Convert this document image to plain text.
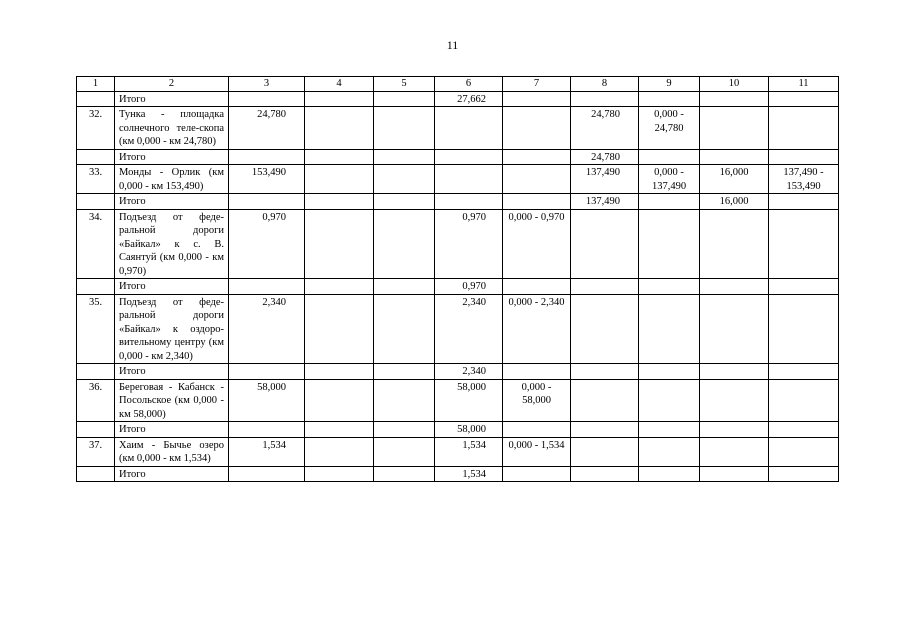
11
1	2	3	4	5	6	7	8	9	10	11
	Итого				27,662					
32.	Тунка - площадка солнечного теле-скопа (км 0,000 - км 24,780)	24,780					24,780	0,000 - 24,780		
	Итого						24,780			
33.	Монды - Орлик (км 0,000 - км 153,490)	153,490					137,490	0,000 - 137,490	16,000	137,490 - 153,490
	Итого						137,490		16,000	
34.	Подъезд от феде-ральной дороги «Байкал» к с. В. Саянтуй (км 0,000 - км 0,970)	0,970			0,970	0,000 - 0,970				
	Итого				0,970					
35.	Подъезд от феде-ральной дороги «Байкал» к оздоро-вительному центру (км 0,000 - км 2,340)	2,340			2,340	0,000 - 2,340				
	Итого				2,340					
36.	Береговая - Кабанск - Посольское (км 0,000 - км 58,000)	58,000			58,000	0,000 - 58,000				
	Итого				58,000					
37.	Хаим - Бычье озеро (км 0,000 - км 1,534)	1,534			1,534	0,000 - 1,534				
	Итого				1,534					
